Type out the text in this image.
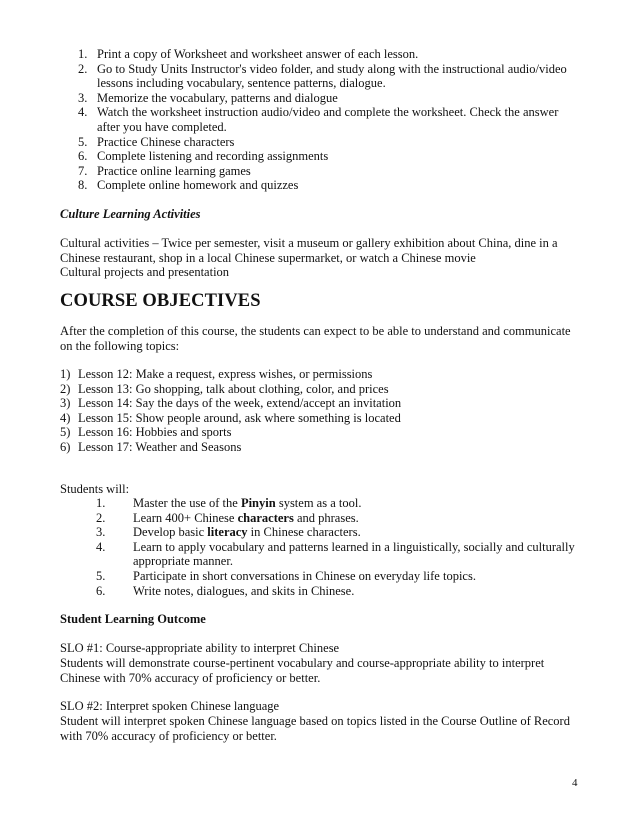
1. Print a copy of Worksheet and worksheet answer of each lesson.
2. Go to Study Units Instructor's video folder, and study along with the instructional audio/video lessons including vocabulary, sentence patterns, dialogue.
3. Memorize the vocabulary, patterns and dialogue
4. Watch the worksheet instruction audio/video and complete the worksheet. Check the answer after you have completed.
5. Practice Chinese characters
6. Complete listening and recording assignments
7. Practice online learning games
8. Complete online homework and quizzes
Culture Learning Activities

Cultural activities – Twice per semester, visit a museum or gallery exhibition about China, dine in a Chinese restaurant, shop in a local Chinese supermarket, or watch a Chinese movie

Cultural projects and presentation

COURSE OBJECTIVES

After the completion of this course, the students can expect to be able to understand and communicate on the following topics:

1) Lesson 12: Make a request, express wishes, or permissions
2) Lesson 13: Go shopping, talk about clothing, color, and prices
3) Lesson 14: Say the days of the week, extend/accept an invitation
4) Lesson 15: Show people around, ask where something is located
5) Lesson 16: Hobbies and sports
6) Lesson 17: Weather and Seasons

Students will:

1.	Master the use of the Pinyin system as a tool.
2.	Learn 400+ Chinese characters and phrases.
3.	Develop basic literacy in Chinese characters.
4.	Learn to apply vocabulary and patterns learned in a linguistically, socially and culturally appropriate manner.
5.	Participate in short conversations in Chinese on everyday life topics.
6.	Write notes, dialogues, and skits in Chinese.
Student Learning Outcome

SLO #1: Course-appropriate ability to interpret Chinese

Students will demonstrate course-pertinent vocabulary and course-appropriate ability to interpret Chinese with 70% accuracy of proficiency or better.

SLO #2: Interpret spoken Chinese language

Student will interpret spoken Chinese language based on topics listed in the Course Outline of Record with 70% accuracy of proficiency or better.

4
